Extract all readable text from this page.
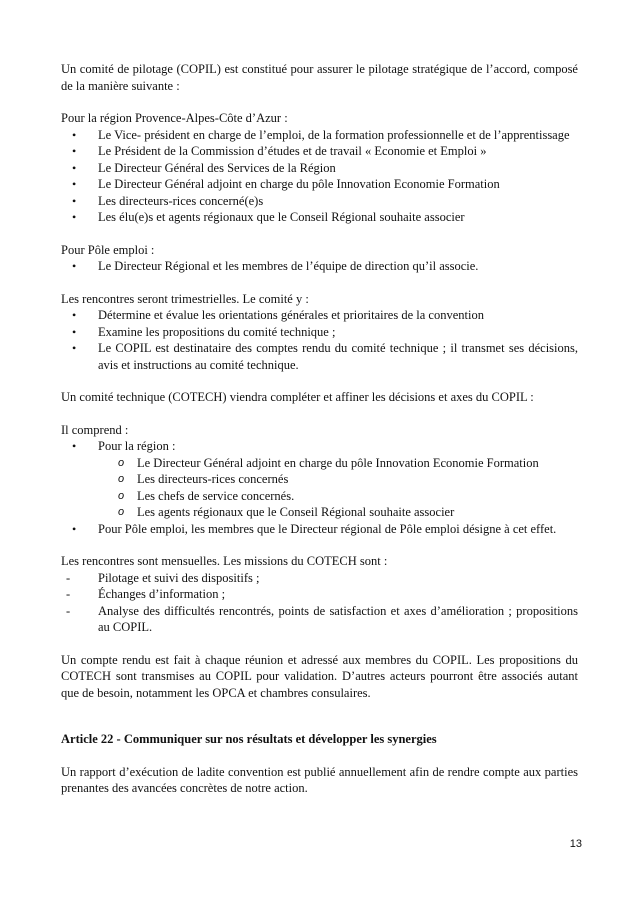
Un comité de pilotage (COPIL) est constitué pour assurer le pilotage stratégique de l’accord, composé de la manière suivante :

Pour la région Provence-Alpes-Côte d’Azur :

• Le Vice- président en charge de l’emploi, de la formation professionnelle et de l’apprentissage
• Le Président de la Commission d’études et de travail « Economie et Emploi »
• Le Directeur Général des Services de la Région
• Le Directeur Général adjoint en charge du pôle Innovation Economie Formation
• Les directeurs-rices concerné(e)s
• Les élu(e)s et agents régionaux que le Conseil Régional souhaite associer

Pour Pôle emploi :

• Le Directeur Régional et les membres de l’équipe de direction qu’il associe.

Les rencontres seront trimestrielles. Le comité y :

• Détermine et évalue les orientations générales et prioritaires de la convention
• Examine les propositions du comité technique ;
• Le COPIL est destinataire des comptes rendu du comité technique ; il transmet ses décisions, avis et instructions au comité technique.

Un comité technique (COTECH) viendra compléter et affiner les décisions et axes du COPIL :

Il comprend :

• Pour la région :
o Le Directeur Général adjoint en charge du pôle Innovation Economie Formation
o Les directeurs-rices concernés
o Les chefs de service concernés.
o Les agents régionaux que le Conseil Régional souhaite associer
• Pour Pôle emploi, les membres que le Directeur régional de Pôle emploi désigne à cet effet.

Les rencontres sont mensuelles. Les missions du COTECH sont :

- Pilotage et suivi des dispositifs ;
- Échanges d’information ;
- Analyse des difficultés rencontrés, points de satisfaction et axes d’amélioration ; propositions au COPIL.

Un compte rendu est fait à chaque réunion et adressé aux membres du COPIL. Les propositions du COTECH sont transmises au COPIL pour validation. D’autres acteurs pourront être associés autant que de besoin, notamment les OPCA et chambres consulaires.

Article 22 - Communiquer sur nos résultats et développer les synergies

Un rapport d’exécution de ladite convention est publié annuellement afin de rendre compte aux parties prenantes des avancées concrètes de notre action.

13
